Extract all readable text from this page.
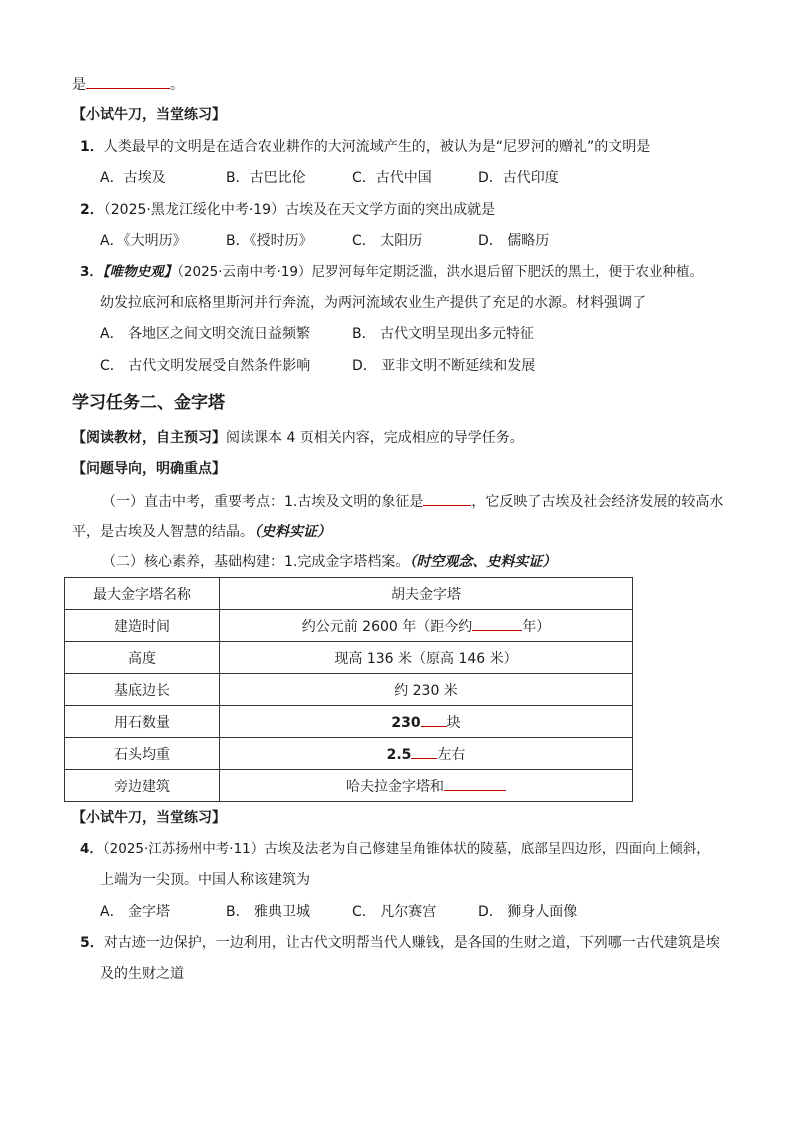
是	。
【小试牛刀，当堂练习】
1．人类最早的文明是在适合农业耕作的大河流域产生的，被认为是“尼罗河的赠礼”的文明是
A．古埃及	B．古巴比伦	C．古代中国	D．古代印度
2．（2025·黑龙江绥化中考·19）古埃及在天文学方面的突出成就是
A．《大明历》	B．《授时历》	C． 太阳历	D． 儒略历
3．【唯物史观】（2025·云南中考·19）尼罗河每年定期泛滥，洪水退后留下肥沃的黑土，便于农业种植。
幼发拉底河和底格里斯河并行奔流，为两河流域农业生产提供了充足的水源。材料强调了
A． 各地区之间文明交流日益频繁	B． 古代文明呈现出多元特征
C． 古代文明发展受自然条件影响	D． 亚非文明不断延续和发展
学习任务二、金字塔
【阅读教材，自主预习】阅读课本 4 页相关内容，完成相应的导学任务。
【问题导向，明确重点】
（一）直击中考，重要考点：1.古埃及文明的象征是	，它反映了古埃及社会经济发展的较高水
平，是古埃及人智慧的结晶。（史料实证）
（二）核心素养，基础构建：1.完成金字塔档案。（时空观念、史料实证）
最大金字塔名称	胡夫金字塔
建造时间	约公元前 2600 年（距今约 年）
高度	现高 136 米（原高 146 米）
基底边长	约 230 米
用石数量	230 块
石头均重	2.5 左右
旁边建筑	哈夫拉金字塔和
【小试牛刀，当堂练习】
4．（2025·江苏扬州中考·11）古埃及法老为自己修建呈角锥体状的陵墓，底部呈四边形，四面向上倾斜，
上端为一尖顶。中国人称该建筑为
A． 金字塔	B． 雅典卫城	C． 凡尔赛宫	D． 狮身人面像
5．对古迹一边保护，一边利用，让古代文明帮当代人赚钱，是各国的生财之道，下列哪一古代建筑是埃
及的生财之道
